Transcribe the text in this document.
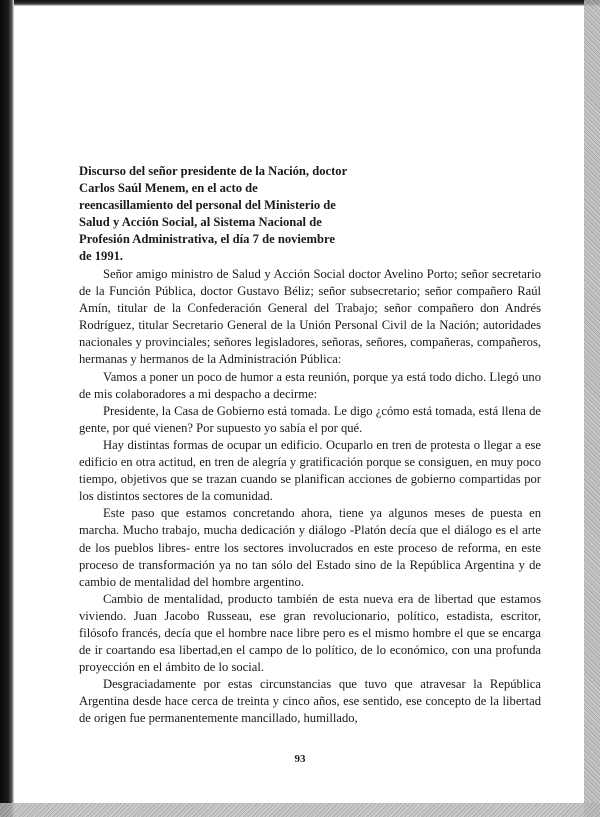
Discurso del señor presidente de la Nación, doctor Carlos Saúl Menem, en el acto de reencasillamiento del personal del Ministerio de Salud y Acción Social, al Sistema Nacional de Profesión Administrativa, el día 7 de noviembre de 1991.

Señor amigo ministro de Salud y Acción Social doctor Avelino Porto; señor secretario de la Función Pública, doctor Gustavo Béliz; señor subsecretario; señor compañero Raúl Amín, titular de la Confederación General del Trabajo; señor compañero don Andrés Rodríguez, titular Secretario General de la Unión Personal Civil de la Nación; autoridades nacionales y provinciales; señores legisladores, señoras, señores, compañeras, compañeros, hermanas y hermanos de la Administración Pública:

Vamos a poner un poco de humor a esta reunión, porque ya está todo dicho. Llegó uno de mis colaboradores a mi despacho a decirme:

Presidente, la Casa de Gobierno está tomada. Le digo ¿cómo está tomada, está llena de gente, por qué vienen? Por supuesto yo sabía el por qué.

Hay distintas formas de ocupar un edificio. Ocuparlo en tren de protesta o llegar a ese edificio en otra actitud, en tren de alegría y gratificación porque se consiguen, en muy poco tiempo, objetivos que se trazan cuando se planifican acciones de gobierno compartidas por los distintos sectores de la comunidad.

Este paso que estamos concretando ahora, tiene ya algunos meses de puesta en marcha. Mucho trabajo, mucha dedicación y diálogo -Platón decía que el diálogo es el arte de los pueblos libres- entre los sectores involucrados en este proceso de reforma, en este proceso de transformación ya no tan sólo del Estado sino de la República Argentina y de cambio de mentalidad del hombre argentino.

Cambio de mentalidad, producto también de esta nueva era de libertad que estamos viviendo. Juan Jacobo Russeau, ese gran revolucionario, político, estadista, escritor, filósofo francés, decía que el hombre nace libre pero es el mismo hombre el que se encarga de ir coartando esa libertad,en el campo de lo político, de lo económico, con una profunda proyección en el ámbito de lo social.

Desgraciadamente por estas circunstancias que tuvo que atravesar la República Argentina desde hace cerca de treinta y cinco años, ese sentido, ese concepto de la libertad de origen fue permanentemente mancillado, humillado,

93
